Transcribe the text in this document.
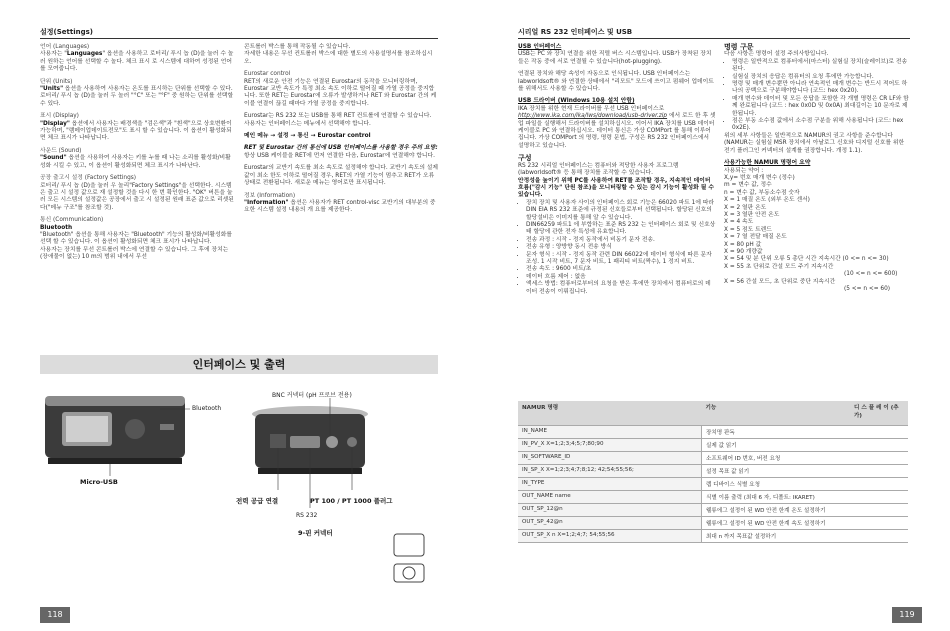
설정(Settings)	시리얼 RS 232 인터페이스 및 USB
언어 (Languages)

사용자는 "Languages" 옵션을 사용하고 로터리/ 푸시 놉 (D)을 눌러 수 놀러 원하는 언어를 선택할 수 놀다. 체크 표시 로 시스템에 대하여 성정된 언어를 모여줍니다.

단위 (Units)

"Units" 옵션을 사용하여 사용자는 온도를 표시하는 단위를 선택할 수 있다. 로터리/ 푸시 놉 (D)을 눌러 두 놀러 "°C" 또는 "°F" 중 원하는 단위를 선택할 수 있다.

표시 (Display)

"Display" 옵션에서 사용자는 배경색을 "검은색"과 "흰색"으로 상호변환이 가능하며, "램메이업데이트전모"도 표시 할 수 있습니다. 이 옵션이 활성화되면 체크 표시가 나타납니다.

사운드 (Sound)

"Sound" 옵션을 사용하여 사용자는 키를 누를 때 나는 소리를 활성화/비활성화 시킬 수 있고, 이 옵션이 활성화되면 체크 표시가 나타난다.

공장 출고시 설정 (Factory Settings)

로터리/ 푸시 놉 (D)을 눌러 우 놀리"Factory Settings"을 선택한다. 시스템은 출고 시 설정 값으로 재 설정할 것을 다시 한 번 확인한다. "OK" 버튼을 눌러 모든 시스템의 설정값은 공장에서 출고 시 설정된 원래 표준 값으로 리셋된다("메뉴 구조"를 참조할 것).

통신 (Communication)
Bluetooth
"Bluetooth" 옵션을 통해 사용자는 "Bluetooth" 기능의 활성화/비활성화를 선택 할 수 있습니다. 이 옵션이 활성화되면 체크 표시가 나타납니다.
사용자는 장치를 무선 콘트롤러 박스에 연결할 수 있습니다. 그 후에 장치는 (장애물이 없는) 10 m의 범위 내에서 무선
콘트롤러 박스를 통해 작동될 수 있습니다.

자세한 내용은 무선 컨트롤러 박스에 대한 별도의 사용설명서를 참조하십시오.

Eurostar control

RET의 새로운 안전 기능은 연결된 Eurostar의 동작을 모니터링하며, Eurostar 교반 속도가 특정 최소 속도 이하로 떨어질 때 가열 공정을 중지합니다. 또한 RET는 Eurostar에 오류가 발생하거나 RET 와 Eurostar 간의 케이블 연결이 끊길 때마다 가열 공정을 중지합니다.

Eurostar는 RS 232 또는 USB를 통해 RET 컨트롤에 연결할 수 있습니다. 사용자는 인터페이스는 메뉴에서 선택해야 합니다.

메인 메뉴 → 설정 → 통신 → Eurostar control

RET 및 Eurostar 간의 통신에 USB 인터페이스를 사용할 경우 주의 요망:

항상 USB 케이블을 RET에 먼저 연결한 다음, Eurostar에 연결해야 합니다.

Eurostar의 교반기 속도를 최소 속도로 설정해야 합니다. 교반기 속도의 설제 값이 최소 한도 이하로 떨어질 경우, RET의 가열 기능이 멈추고 RET가 오류 상태로 전환됩니다. 새로운 메뉴는 영어로만 표시됩니다.

정보 (Information)

"Information" 옵션은 사용자가 RET control-visc 교반기의 대부분의 중요한 시스템 설정 내용의 개 요를 제공한다.

인터페이스 및 출력
Bluetooth
Micro-USB
BNC 커넥터 (pH 프로브 전용)
전력 공급 연결	PT 100 / PT 1000 플러그
RS 232
9-핀 커넥터
USB 인터페이스

USB는 PC 와 장치 연결을 위한 직렬 버스 시스템입니다. USB가 장착된 장치들은 작동 중에 서로 연결될 수 있습니다(hot-plugging).

연결된 장치와 해당 속성이 자동으로 인식됩니다. USB 인터페이스는 labworldsoft® 와 연결한 상태에서 "리모트" 모드에 쓰이고 펌웨어 업데이트를 위해서도 사용할 수 있습니다.

USB 드라이버 (Windows 10용 설치 안함)

IKA 장치를 위한 현재 드라이버를 우선 USB 인터페이스로 http://www.ika.com/ika/lws/download/usb-driver.zip 에서 로드 한 후 셋업 파일을 실행해서 드라이버를 설치하십시오. 이어서 IKA 장치를 USB 데이터 케이블로 PC 와 연결하십시오. 데이터 통신은 가상 COMPort 를 통해 이루어집니다. 가상 COMPort 의 명령, 명령 문법, 구성은 RS 232 인터페이스에서 설명하고 있습니다.

구성
RS 232 시리얼 인터페이스는 컴퓨터와 적당한 사용자 프로그램 (labworldsoft® 등 통해 장치를 조작할 수 있습니다.
안정성을 높이기 위해 PC를 사용하여 RET를 조작할 경우, 지속적인 데이터 흐름("감시 기능" 단원 참조)을 모니터링할 수 있는 감시 기능이 활성화 될 수 있습니다.
• 장치 장치 및 사용자 사이의 인터페이스 회로 기능은 66020 파트 1에 따라 DIN EIA RS 232 표준에 규정된 신호들로부터 선택됩니다. 할당된 신호의 할당설비은 이미지를 통해 알 수 있습니다.
• DIN66259 파트1 에 부합하는 표준 RS 232 는 인터페이스 회로 및 신호상태 할당에 관한 전자 특성에 유효합니다.
• 전송 과정 : 시작 - 정지 동작에서 비동기 문자 전송.
• 전송 유형 : 양방향 동시 전송 방식
• 문자 형식 : 시작 - 정지 동작 관련 DIN 66022에 데이터 형식에 따른 문자 조성. 1 시작 비트, 7 문자 비트, 1 패리티 비트(짝수), 1 정지 비트.
• 전송 속도 : 9600 비트/초
• 데이터 흐름 제어 : 없음
• 액세스 방법: 컴퓨터로부터의 요청을 받은 후에만 장치에서 컴퓨터로의 데이터 전송이 이뤄집니다.
명령 구문
다음 사항은 명령어 설정 주의사항입니다.
• 명령은 일반적으로 컴퓨터에서(마스터) 실험실 장치(슬레이브)로 전송된다.
• 실험실 장치의 응답은 컴퓨터의 요청 후에만 가능합니다.
• 명령 및 매개 변수뿐만 아니라 연속적인 매개 변수는 반드시 적어도 하나의 공백으로 구분해야합니다 (코드: hex 0x20).
• 매개 변수와 데이터 및 모든 응답을 포함한 각 개별 명령은 CR LF와 함께 완료됩니다 (코드 : hex 0x0D 및 0x0A) 최대길이는 10 문자로 제한됩니다.
• 점은 부동 소수점 값에서 소수점 구분을 위해 사용됩니다 (코드: hex 0x2E).

위의 세부 사항들은 일반적으로 NAMUR의 권고 사항을 준수합니다 (NAMUR는 실험실 MSR 장치에서 아날로그 신호와 디지털 신호를 위한 전기 플러그인 커넥터의 설계를 권장합니다. 개정 1.1).

사용가능한 NAMUR 명령어 요약
사용되는 약어 :
X,y= 번호 매개 변수 (정수)
m = 변수 값, 정수
n = 변수 값, 부동소수점 숫자
X = 1 매질 온도 (외부 온도 센서)
X = 2 열판 온도
X = 3 열판 안전 온도
X = 4 속도
X = 5 점도 트렌드
X = 7 열 전달 매질 온도
X = 80 pH 값
X = 90 개량값
X = 54 및 분 단위 오류 5 총단 시간 지속시간 (0 <= n <= 30)
X = 55 초 단위로 간설 모드 주기 지속시간
(10 <= n <= 600)
X = 56 간설 모드, 초 단위로 중단 지속시간
(5 <= n <= 60)
NAMUR 명령	기능	디 스 플 레 이 (추가)
IN_NAME	장치명 판독	
IN_PV_X X=1;2;3;4;5;7;80;90	실제 값 읽기	
IN_SOFTWARE_ID	소프트웨어 ID 번호, 버전 요청	
IN_SP_X X=1;2;3;4;7;8;12; 42;54;55;56;	설정 목표 값 읽기	
IN_TYPE	랩 디바이스 식별 요청	
OUT_NAME name	식별 이름 출력 (최대 6 자, 디폴트: IKARET)	
OUT_SP_12@n	웰류에그 설정이 된 WD 안전 한계 온도 설정하기	
OUT_SP_42@n	웰류에그 설정이 된 WD 안전 한계 속도 설정하기	
OUT_SP_X n X=1;2;4;7; 54;55;56	최대 n 까지 목표값 설정하기	
118	119
